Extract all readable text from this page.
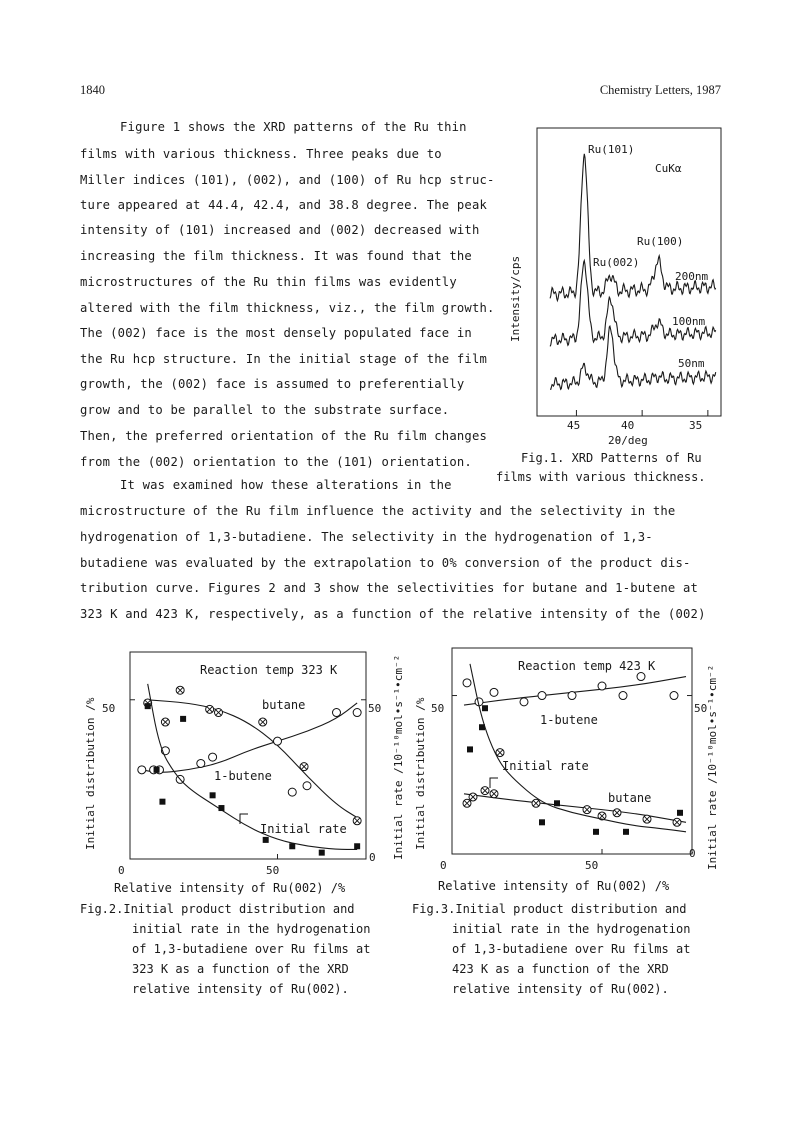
1840	Chemistry Letters, 1987
Figure 1 shows the XRD patterns of the Ru thin
films with various thickness. Three peaks due to
Miller indices (101), (002), and (100) of Ru hcp struc-
ture appeared at 44.4, 42.4, and 38.8 degree. The peak
intensity of (101) increased and (002) decreased with
increasing the film thickness. It was found that the
microstructures of the Ru thin films was evidently
altered with the film thickness, viz., the film growth.
The (002) face is the most densely populated face in
the Ru hcp structure. In the initial stage of the film
growth, the (002) face is assumed to preferentially
grow and to be parallel to the substrate surface.
Then, the preferred orientation of the Ru film changes
from the (002) orientation to the (101) orientation.
It was examined how these alterations in the
microstructure of the Ru film influence the activity and the selectivity in the
hydrogenation of 1,3-butadiene. The selectivity in the hydrogenation of 1,3-
butadiene was evaluated by the extrapolation to 0% conversion of the product dis-
tribution curve. Figures 2 and 3 show the selectivities for butane and 1-butene at
323 K and 423 K, respectively, as a function of the relative intensity of the (002)
45	40	35
2θ/deg
Intensity/cps
Ru(101)
CuKα
Ru(100)
Ru(002)
200nm
100nm
50nm
Fig.1. XRD Patterns of Ru
films with various thickness.
Reaction temp 323 K
butane
1-butene
Initial rate
50	50
0
0	50
Initial distribution /%	Initial rate /10⁻¹⁰mol•s⁻¹•cm⁻²
Relative intensity of Ru(002) /%
Fig.2.Initial product distribution and
initial rate in the hydrogenation
of 1,3-butadiene over Ru films at
323 K as a function of the XRD
relative intensity of Ru(002).
Reaction temp 423 K
1-butene
Initial rate
butane
50	50
0
0	50
Initial distribution /%	Initial rate /10⁻¹⁰mol•s⁻¹•cm⁻²
Relative intensity of Ru(002) /%
Fig.3.Initial product distribution and
initial rate in the hydrogenation
of 1,3-butadiene over Ru films at
423 K as a function of the XRD
relative intensity of Ru(002).
